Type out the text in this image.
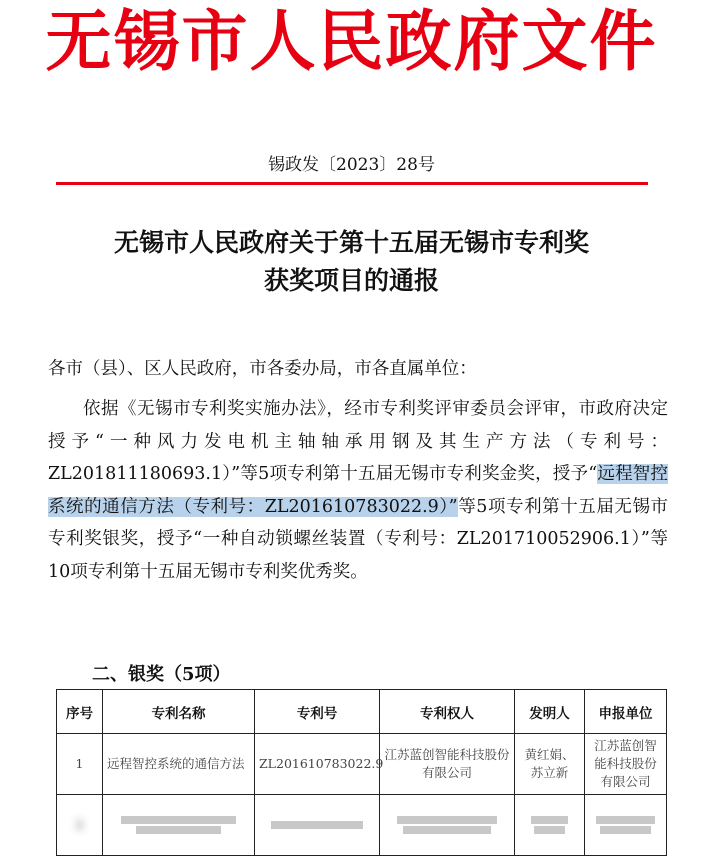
无锡市人民政府文件
锡政发〔2023〕28号
无锡市人民政府关于第十五届无锡市专利奖
获奖项目的通报
各市（县）、区人民政府，市各委办局，市各直属单位：
依据《无锡市专利奖实施办法》，经市专利奖评审委员会评审，市政府决定授予“一种风力发电机主轴轴承用钢及其生产方法（专利号：ZL201811180693.1）”等5项专利第十五届无锡市专利奖金奖，授予“远程智控系统的通信方法（专利号：ZL201610783022.9）”等5项专利第十五届无锡市专利奖银奖，授予“一种自动锁螺丝装置（专利号：ZL201710052906.1）”等10项专利第十五届无锡市专利奖优秀奖。
二、银奖（5项）
序号	专利名称	专利号	专利权人	发明人	申报单位
1	远程智控系统的通信方法	ZL201610783022.9	江苏蓝创智能科技股份有限公司	黄红娟、苏立新	江苏蓝创智能科技股份有限公司
2	
